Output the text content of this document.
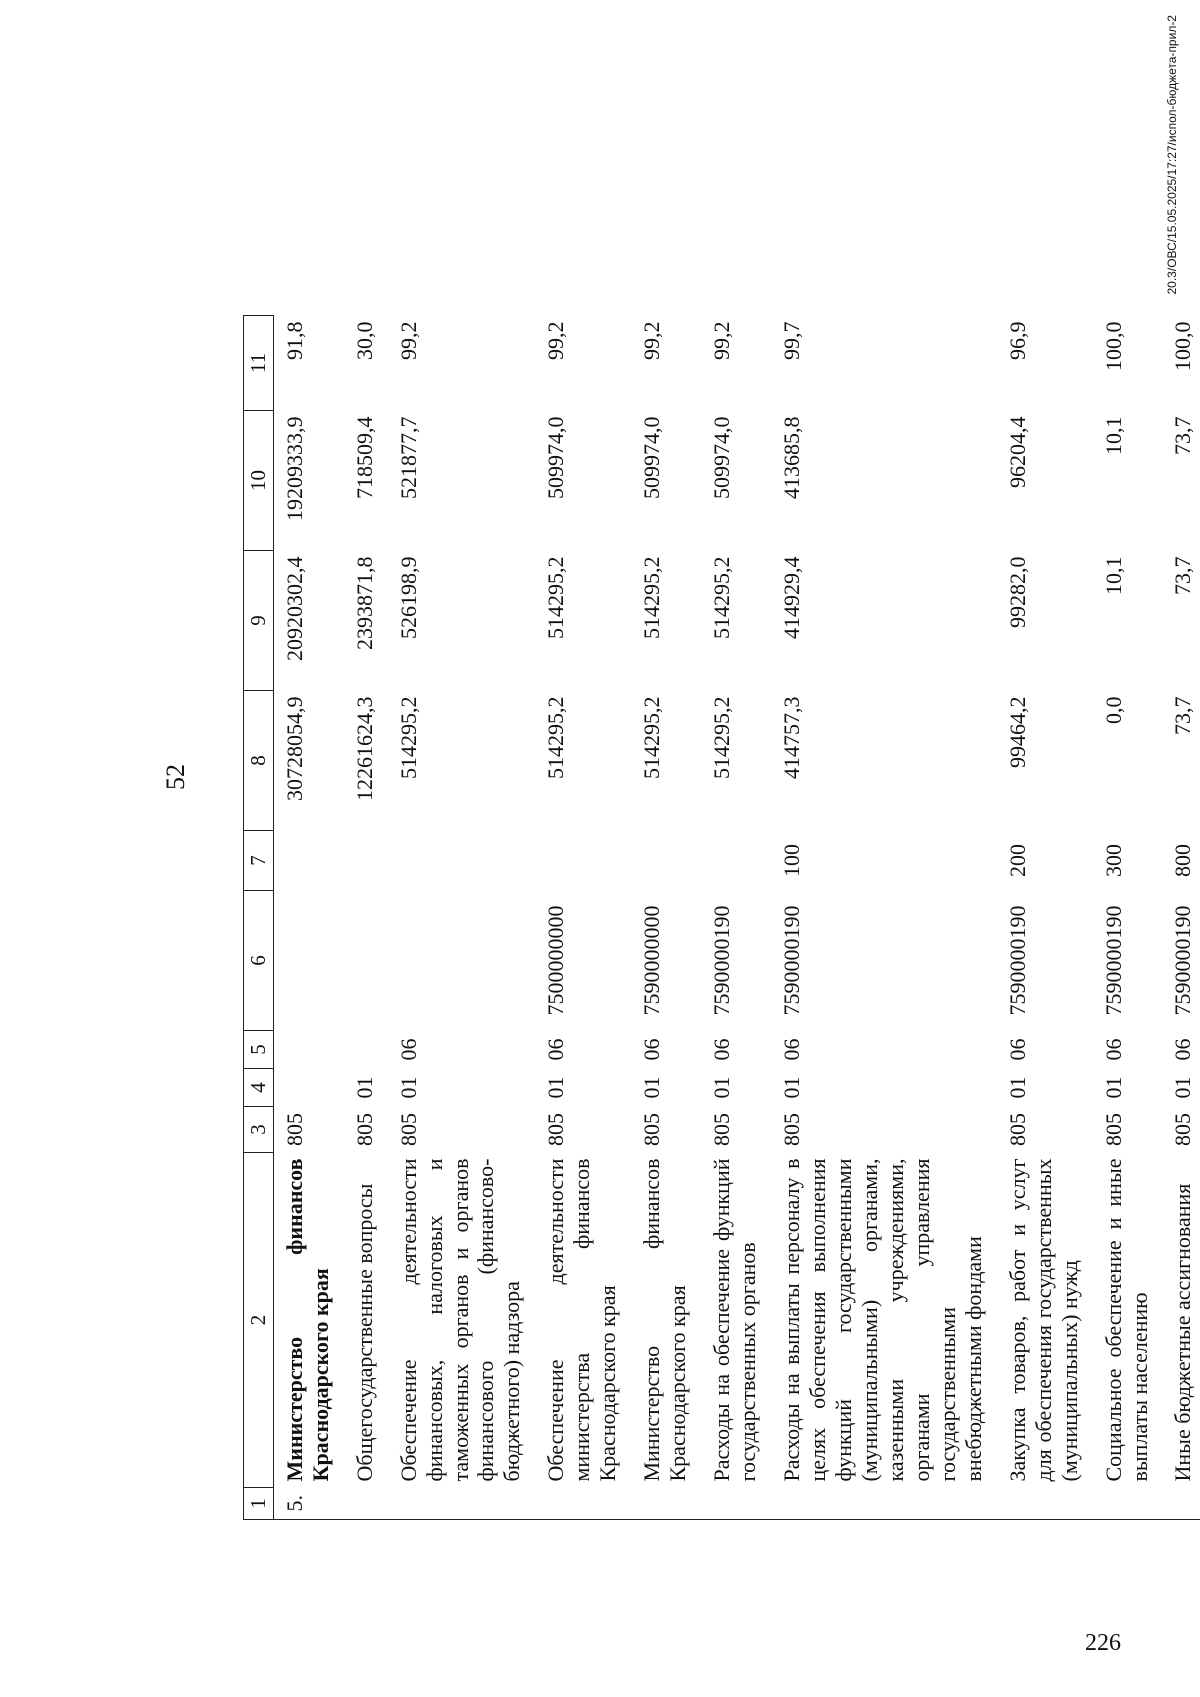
52
1	2	3	4	5	6	7	8	9	10	11
5.	Министерство финансов Краснодарского края	805					30728054,9	20920302,4	19209333,9	91,8
	Общегосударственные вопросы	805	01				12261624,3	2393871,8	718509,4	30,0
	Обеспечение деятельности финансовых, налоговых и таможенных органов и органов финансового (финансово-бюджетного) надзора	805	01	06			514295,2	526198,9	521877,7	99,2
	Обеспечение деятельности министерства финансов Краснодарского края	805	01	06	7500000000		514295,2	514295,2	509974,0	99,2
	Министерство финансов Краснодарского края	805	01	06	7590000000		514295,2	514295,2	509974,0	99,2
	Расходы на обеспечение функций государственных органов	805	01	06	7590000190		514295,2	514295,2	509974,0	99,2
	Расходы на выплаты персоналу в целях обеспечения выполнения функций государственными (муниципальными) органами, казенными учреждениями, органами управления государственными внебюджетными фондами	805	01	06	7590000190	100	414757,3	414929,4	413685,8	99,7
	Закупка товаров, работ и услуг для обеспечения государственных (муниципальных) нужд	805	01	06	7590000190	200	99464,2	99282,0	96204,4	96,9
	Социальное обеспечение и иные выплаты населению	805	01	06	7590000190	300	0,0	10,1	10,1	100,0
	Иные бюджетные ассигнования	805	01	06	7590000190	800	73,7	73,7	73,7	100,0
20.3/ОВС/15.05.2025/17:27/испол-бюджета-прил-2
226
